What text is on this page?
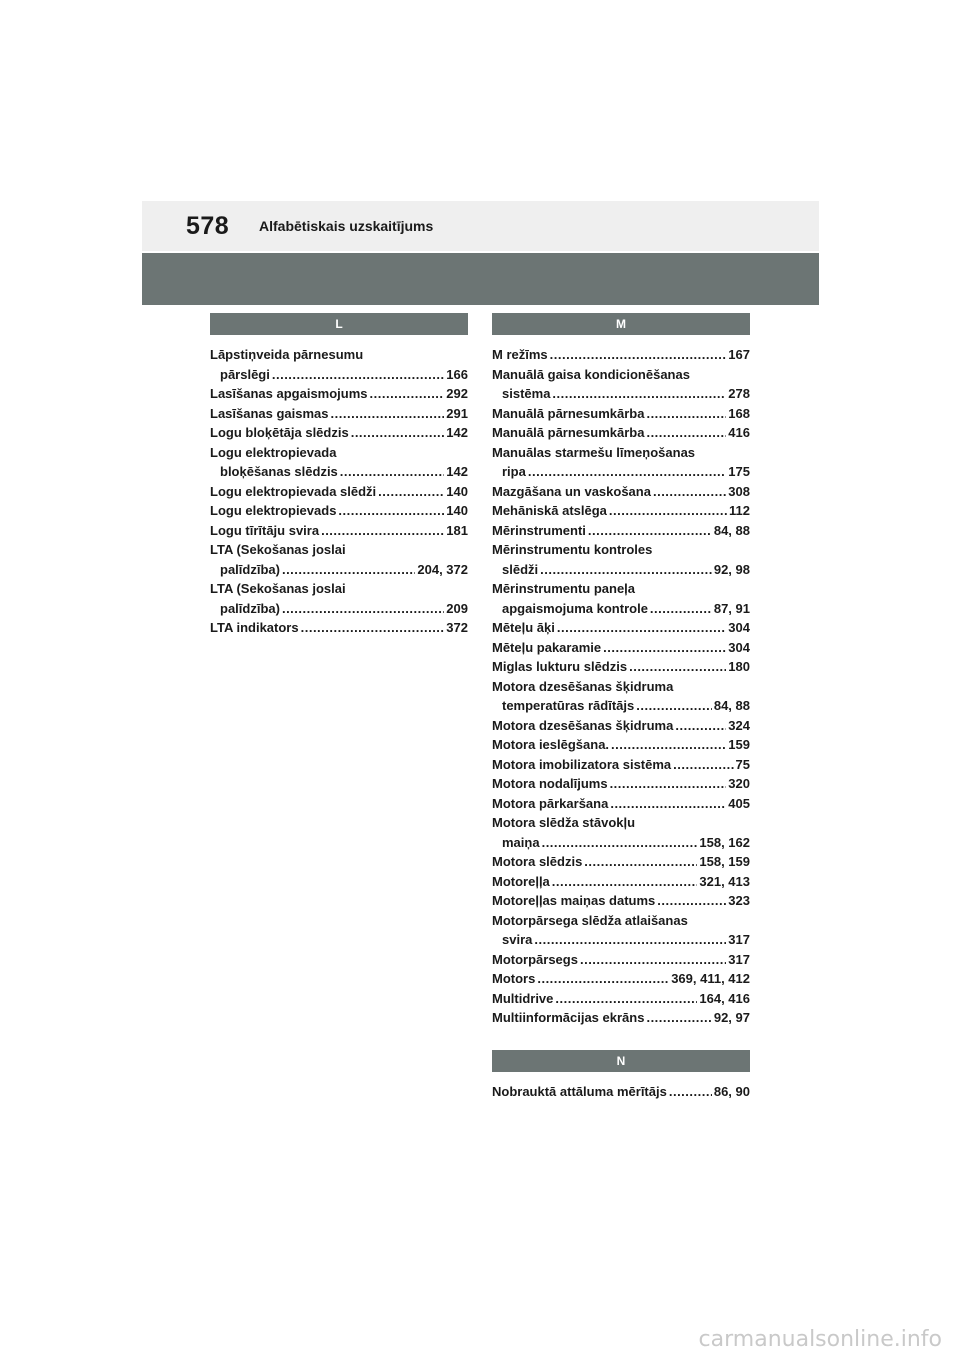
578 Alfabētiskais uzskaitījums
L
Lāpstiņveida pārnesumu
pārslēgi .....	166
Lasīšanas apgaismojums .....	292
Lasīšanas gaismas .....	291
Logu bloķētāja slēdzis .....	142
Logu elektropievada
bloķēšanas slēdzis .....	142
Logu elektropievada slēdži .....	140
Logu elektropievads .....	140
Logu tīrītāju svira .....	181
LTA (Sekošanas joslai
palīdzība) .....	204, 372
LTA (Sekošanas joslai
palīdzība) .....	209
LTA indikators .....	372
M
M režīms .....	167
Manuālā gaisa kondicionēšanas
sistēma .....	278
Manuālā pārnesumkārba .....	168
Manuālā pārnesumkārba .....	416
Manuālas starmešu līmeņošanas
ripa .....	175
Mazgāšana un vaskošana .....	308
Mehāniskā atslēga .....	112
Mērinstrumenti .....	84, 88
Mērinstrumentu kontroles
slēdži .....	92, 98
Mērinstrumentu paneļa
apgaismojuma kontrole .....	87, 91
Mēteļu āķi .....	304
Mēteļu pakaramie .....	304
Miglas lukturu slēdzis .....	180
Motora dzesēšanas šķidruma
temperatūras rādītājs .....	84, 88
Motora dzesēšanas šķidruma .....	324
Motora ieslēgšana. .....	159
Motora imobilizatora sistēma .....	75
Motora nodalījums .....	320
Motora pārkaršana .....	405
Motora slēdža stāvokļu
maiņa .....	158, 162
Motora slēdzis .....	158, 159
Motoreļļa .....	321, 413
Motoreļļas maiņas datums .....	323
Motorpārsega slēdža atlaišanas
svira .....	317
Motorpārsegs .....	317
Motors .....	369, 411, 412
Multidrive .....	164, 416
Multiinformācijas ekrāns .....	92, 97
N
Nobrauktā attāluma mērītājs .....	86, 90
carmanualsonline.info
